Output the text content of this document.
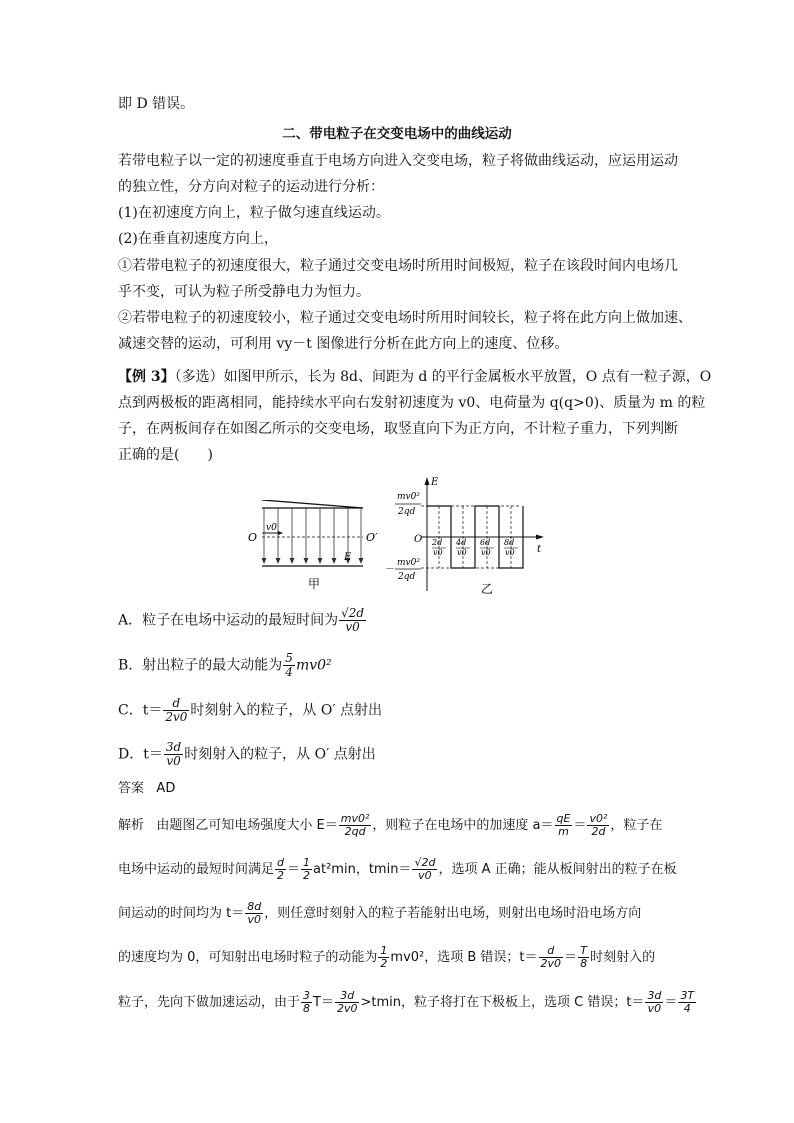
即 D 错误。
二、带电粒子在交变电场中的曲线运动
若带电粒子以一定的初速度垂直于电场方向进入交变电场，粒子将做曲线运动，应运用运动
的独立性，分方向对粒子的运动进行分析：
(1)在初速度方向上，粒子做匀速直线运动。
(2)在垂直初速度方向上，
①若带电粒子的初速度很大，粒子通过交变电场时所用时间极短，粒子在该段时间内电场几
乎不变，可认为粒子所受静电力为恒力。
②若带电粒子的初速度较小，粒子通过交变电场时所用时间较长，粒子将在此方向上做加速、
减速交替的运动，可利用 vy－t 图像进行分析在此方向上的速度、位移。
【例 3】（多选）如图甲所示，长为 8d、间距为 d 的平行金属板水平放置，O 点有一粒子源，O
点到两极板的距离相同，能持续水平向右发射初速度为 v0、电荷量为 q(q>0)、质量为 m 的粒
子，在两板间存在如图乙所示的交变电场，取竖直向下为正方向，不计粒子重力，下列判断
正确的是(　　)
v0
O	O′
E
甲
E
t
O
mv0²
2qd
－
mv0²
2qd
2d
v0
4d
v0
6d
v0
8d
v0
乙
A．粒子在电场中运动的最短时间为 $\frac{√2d}{v0}$
B．射出粒子的最大动能为 $\frac{5}{4} mv0^2$
C．$t= \frac{d}{2v0}$ 时刻射入的粒子，从 O′ 点射出
D．$t= \frac{3d}{v0}$ 时刻射入的粒子，从 O′ 点射出
答案 AD
解析 由题图乙可知电场强度大小 $E= \frac{\text{mv0²}}{2qd}$ ，则粒子在电场中的加速度 $a= \frac{qE}{m} = \frac{\text{v0²}}{2d}$ ，粒子在
电场中运动的最短时间满足 $\frac{d}{2} = \frac{1}{2} at^2\min$，$tmin= \frac{√2d}{v0}$ ，选项 A 正确；能从板间射出的粒子在板
间运动的时间均为 $t= \frac{8d}{v0}$ ，则任意时刻射入的粒子若能射出电场，则射出电场时沿电场方向
的速度均为 0，可知射出电场时粒子的动能为 $\frac{1}{2} mv0^2$，选项 B 错误；$t= \frac{d}{2v0} = \frac{T}{8}$ 时刻射入的
粒子，先向下做加速运动，由于 $\frac{3}{8} T= \frac{3d}{2v0} >tmin$，粒子将打在下极板上，选项 C 错误；$t= \frac{3d}{v0} = \frac{3T}{4}$
